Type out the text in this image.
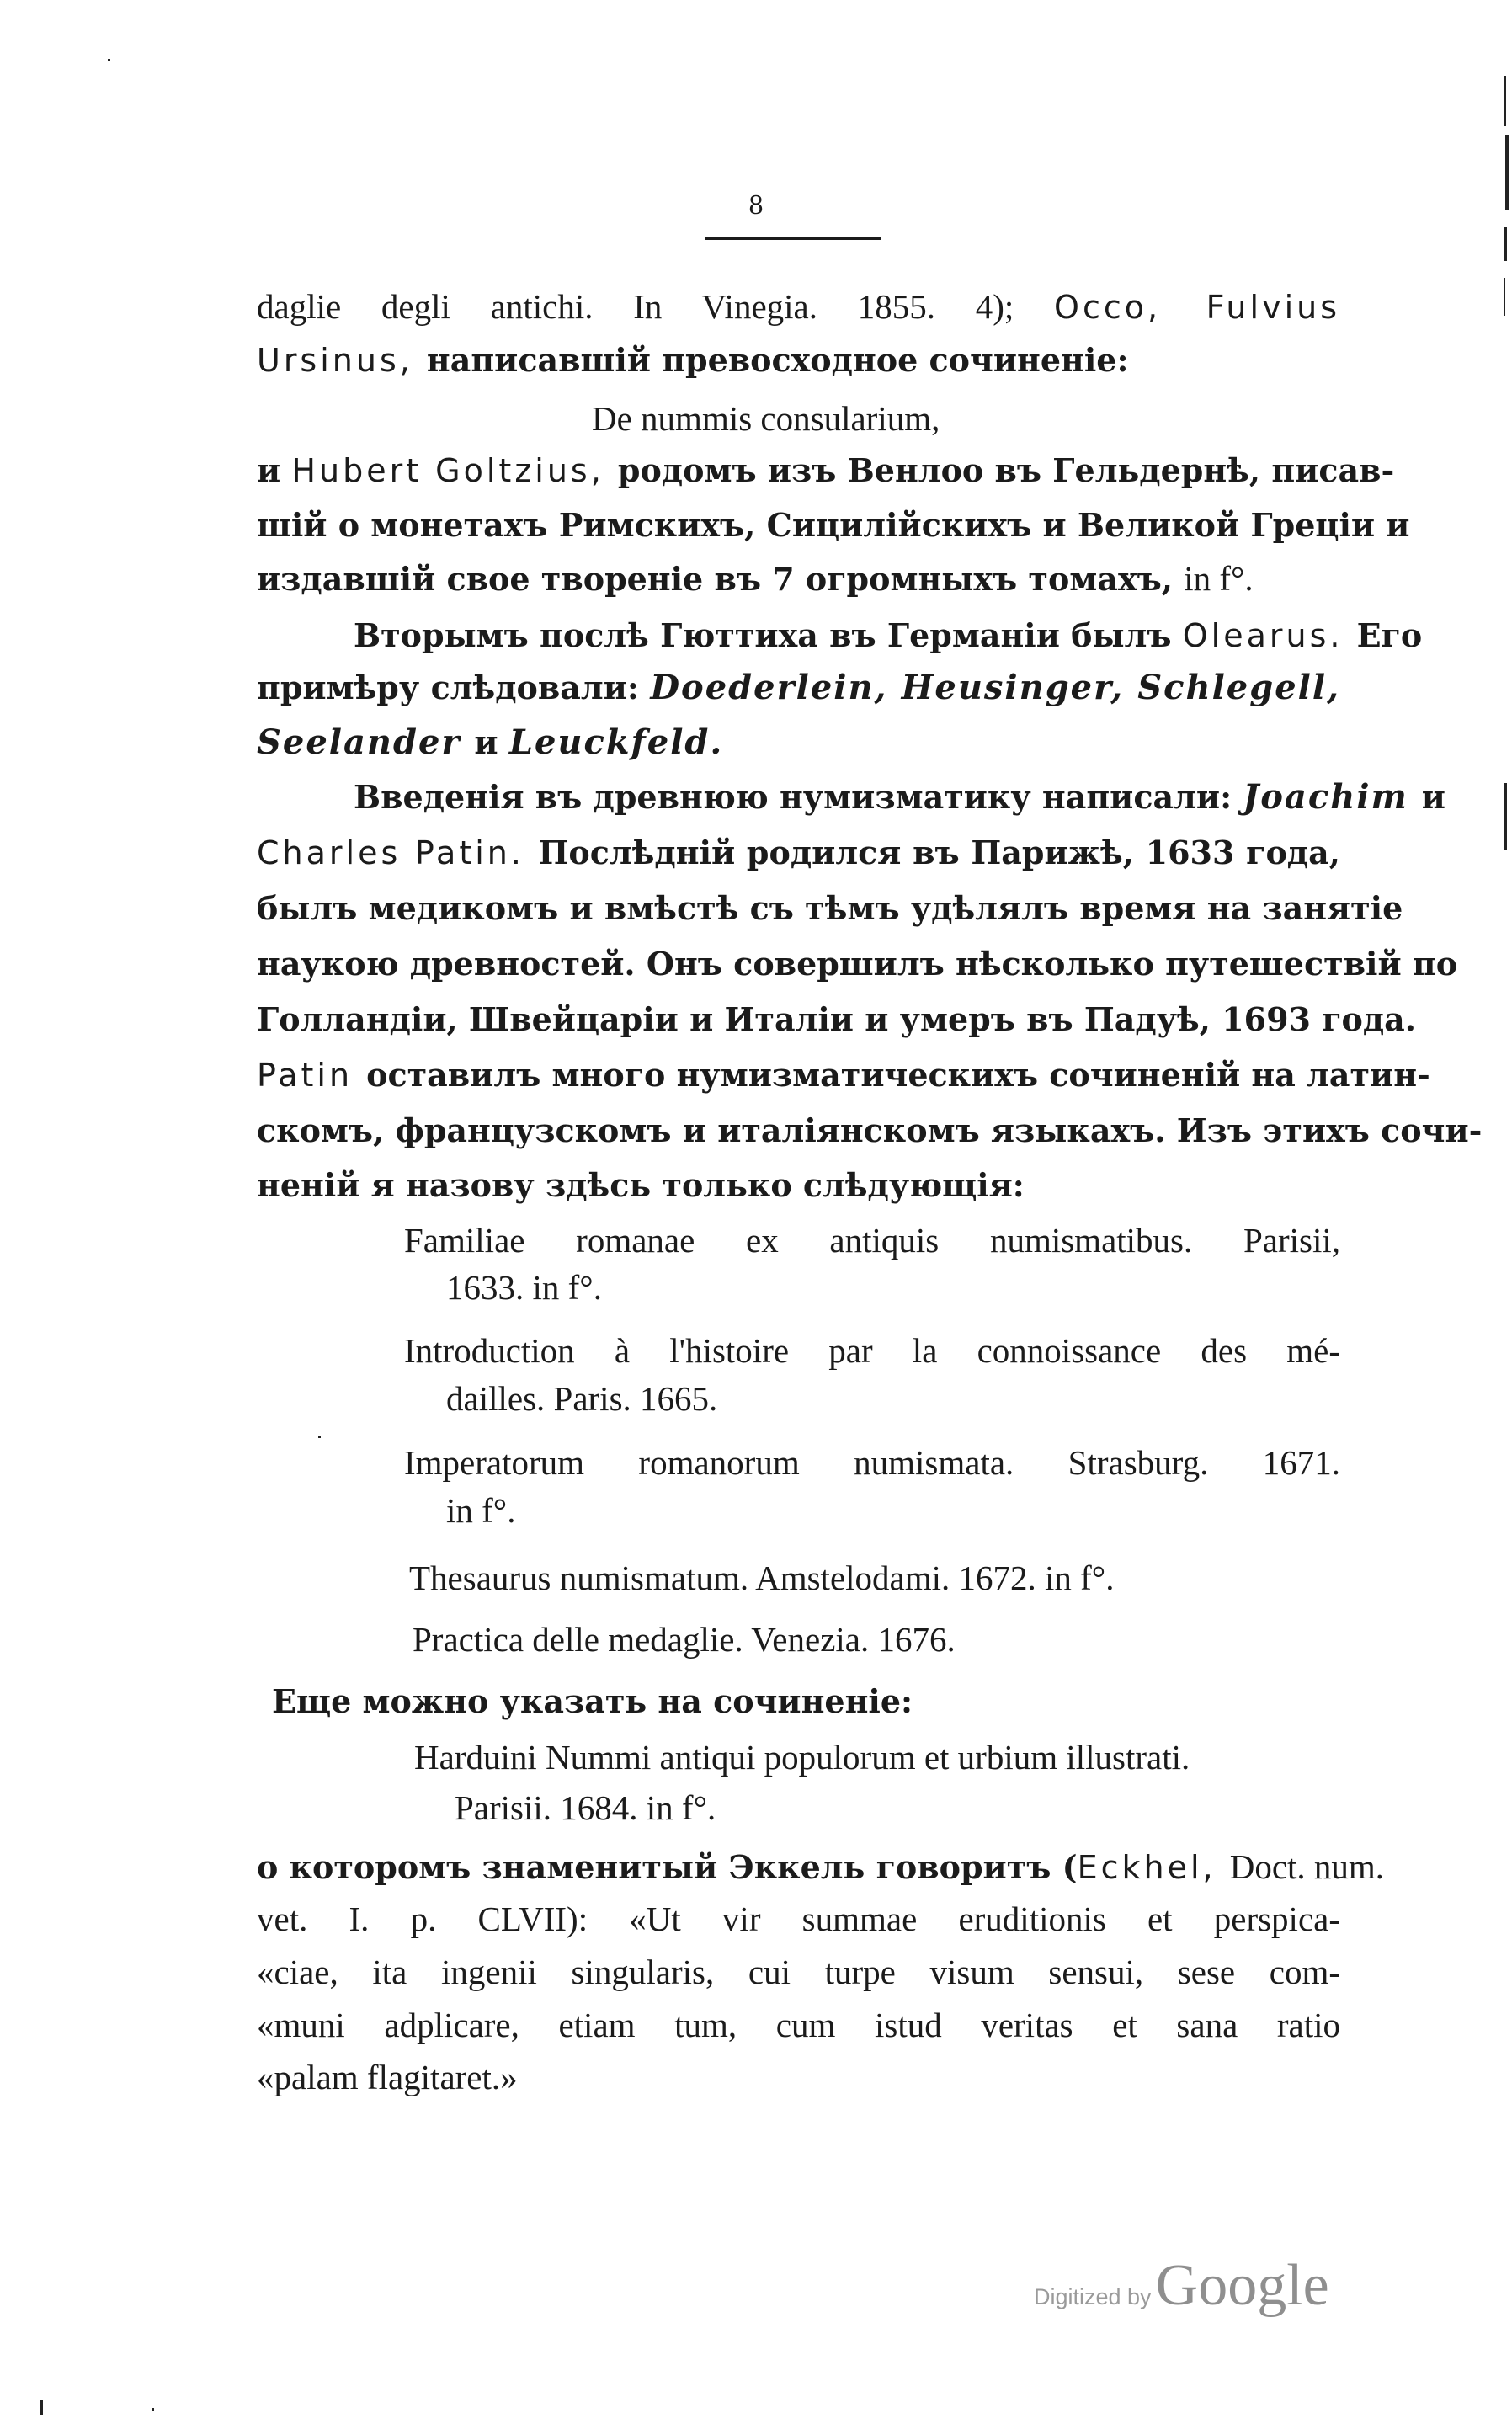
8
daglie degli antichi. In Vinegia. 1855. 4); Occo, Fulvius
Ursinus, написавшій превосходное сочиненіе:
De nummis consularium,
и Hubert Goltzius, родомъ изъ Венлоо въ Гельдернѣ, писав-
шій о монетахъ Римскихъ, Сицилійскихъ и Великой Греціи и
издавшій свое твореніе въ 7 огромныхъ томахъ, in f°.
Вторымъ послѣ Гюттиха въ Германіи былъ Olearus. Его
примѣру слѣдовали: Doederlein, Heusinger, Schlegell,
Seelander и Leuckfeld.
Введенія въ древнюю нумизматику написали: Joachim и
Charles Patin. Послѣдній родился въ Парижѣ, 1633 года,
былъ медикомъ и вмѣстѣ съ тѣмъ удѣлялъ время на занятіе
наукою древностей. Онъ совершилъ нѣсколько путешествій по
Голландіи, Швейцаріи и Италіи и умеръ въ Падуѣ, 1693 года.
Patin оставилъ много нумизматическихъ сочиненій на латин-
скомъ, французскомъ и италіянскомъ языкахъ. Изъ этихъ сочи-
неній я назову здѣсь только слѣдующія:
Familiae romanae ex antiquis numismatibus. Parisii,
1633. in f°.
Introduction à l'histoire par la connoissance des mé-
dailles. Paris. 1665.
Imperatorum romanorum numismata. Strasburg. 1671.
in f°.
Thesaurus numismatum. Amstelodami. 1672. in f°.
Practica delle medaglie. Venezia. 1676.
Еще можно указать на сочиненіе:
Harduini Nummi antiqui populorum et urbium illustrati.
Parisii. 1684. in f°.
о которомъ знаменитый Эккель говоритъ (Eckhel, Doct. num.
vet. I. p. CLVII): «Ut vir summae eruditionis et perspica-
«ciae, ita ingenii singularis, cui turpe visum sensui, sese com-
«muni adplicare, etiam tum, cum istud veritas et sana ratio
«palam flagitaret.»
Digitized by Google
